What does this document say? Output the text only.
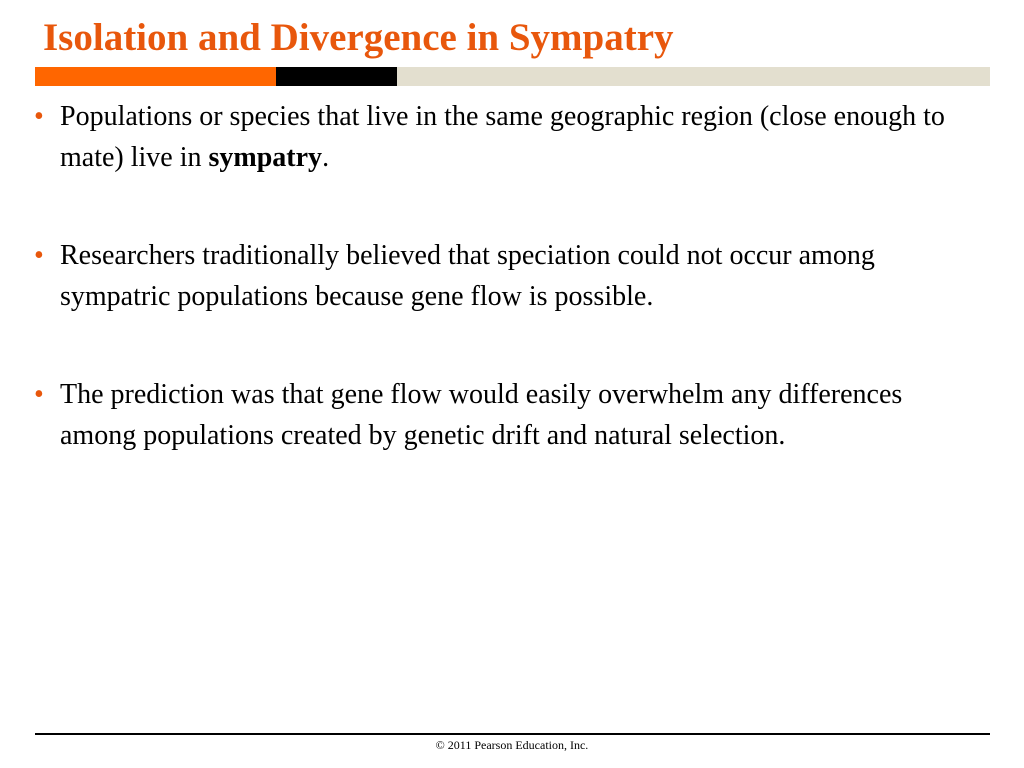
Isolation and Divergence in Sympatry
• Populations or species that live in the same geographic region (close enough to mate) live in sympatry.
• Researchers traditionally believed that speciation could not occur among sympatric populations because gene flow is possible.
• The prediction was that gene flow would easily overwhelm any differences among populations created by genetic drift and natural selection.
© 2011 Pearson Education, Inc.
